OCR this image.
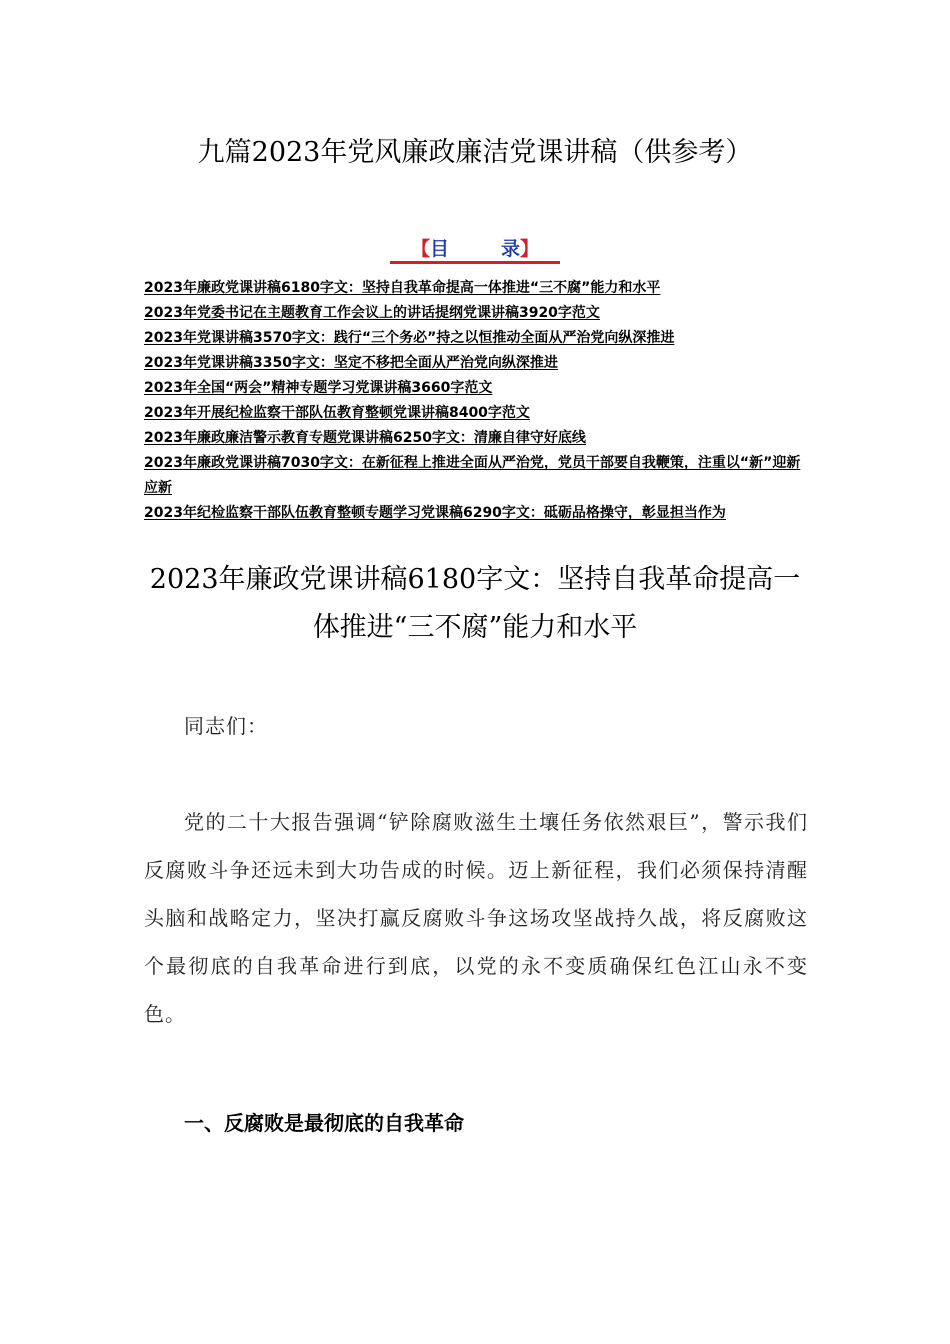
九篇2023年党风廉政廉洁党课讲稿（供参考）
【目	录】
2023年廉政党课讲稿6180字文：坚持自我革命提高一体推进“三不腐”能力和水平
2023年党委书记在主题教育工作会议上的讲话提纲党课讲稿3920字范文
2023年党课讲稿3570字文：践行“三个务必”持之以恒推动全面从严治党向纵深推进
2023年党课讲稿3350字文：坚定不移把全面从严治党向纵深推进
2023年全国“两会”精神专题学习党课讲稿3660字范文
2023年开展纪检监察干部队伍教育整顿党课讲稿8400字范文
2023年廉政廉洁警示教育专题党课讲稿6250字文：清廉自律守好底线
2023年廉政党课讲稿7030字文：在新征程上推进全面从严治党，党员干部要自我鞭策，注重以“新”迎新应新
2023年纪检监察干部队伍教育整顿专题学习党课稿6290字文：砥砺品格操守，彰显担当作为
2023年廉政党课讲稿6180字文：坚持自我革命提高一体推进“三不腐”能力和水平

同志们：

党的二十大报告强调“铲除腐败滋生土壤任务依然艰巨”，警示我们反腐败斗争还远未到大功告成的时候。迈上新征程，我们必须保持清醒头脑和战略定力，坚决打赢反腐败斗争这场攻坚战持久战，将反腐败这个最彻底的自我革命进行到底，以党的永不变质确保红色江山永不变色。

一、反腐败是最彻底的自我革命
